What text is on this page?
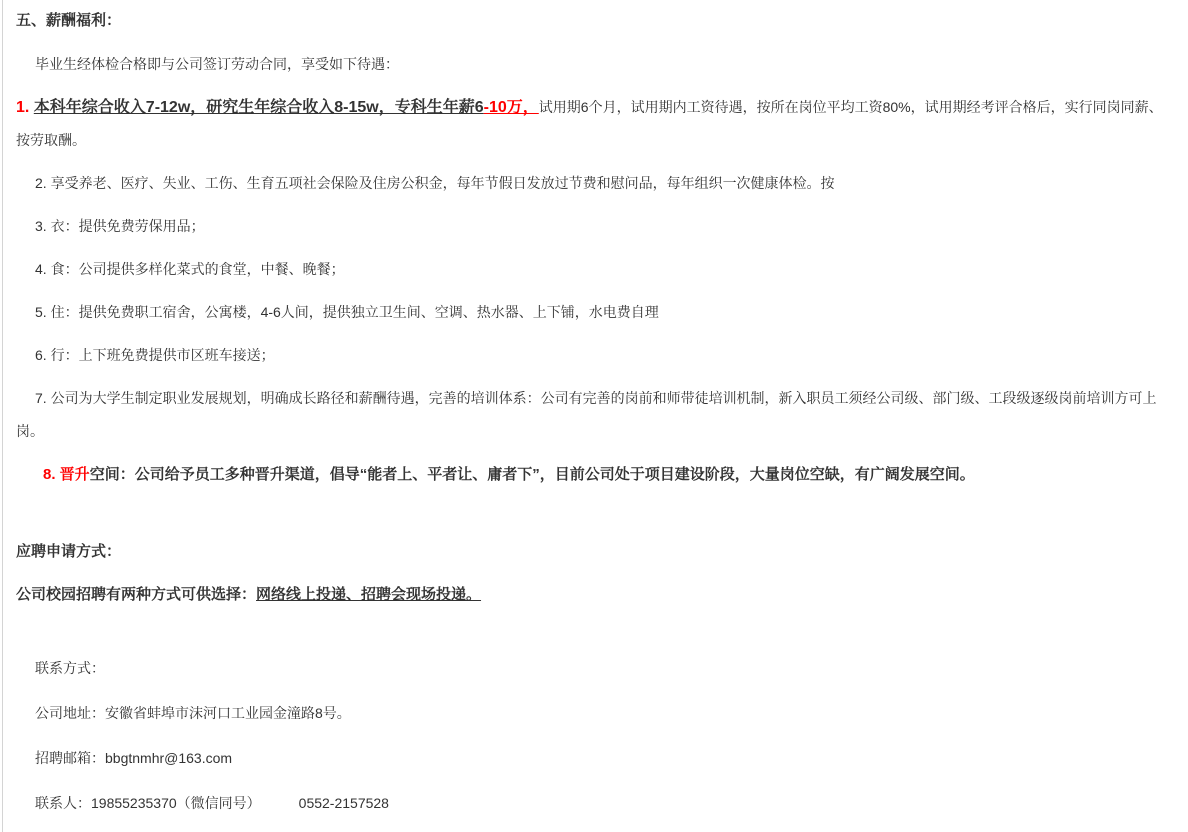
五、薪酬福利：

毕业生经体检合格即与公司签订劳动合同，享受如下待遇：

1. 本科年综合收入7-12w，研究生年综合收入8-15w，专科生年薪6-10万，试用期6个月，试用期内工资待遇，按所在岗位平均工资80%，试用期经考评合格后，实行同岗同薪、按劳取酬。

2. 享受养老、医疗、失业、工伤、生育五项社会保险及住房公积金，每年节假日发放过节费和慰问品，每年组织一次健康体检。按

3. 衣：提供免费劳保用品；

4. 食：公司提供多样化菜式的食堂，中餐、晚餐；

5. 住：提供免费职工宿舍，公寓楼，4-6人间，提供独立卫生间、空调、热水器、上下铺，水电费自理

6. 行：上下班免费提供市区班车接送；

7. 公司为大学生制定职业发展规划，明确成长路径和薪酬待遇，完善的培训体系：公司有完善的岗前和师带徒培训机制，新入职员工须经公司级、部门级、工段级逐级岗前培训方可上岗。

8. 晋升空间：公司给予员工多种晋升渠道，倡导“能者上、平者让、庸者下”，目前公司处于项目建设阶段，大量岗位空缺，有广阔发展空间。

应聘申请方式：

公司校园招聘有两种方式可供选择：网络线上投递、招聘会现场投递。

联系方式：

公司地址：安徽省蚌埠市沫河口工业园金潼路8号。

招聘邮箱：bbgtnmhr@163.com

联系人：19855235370（微信同号）	0552-2157528
